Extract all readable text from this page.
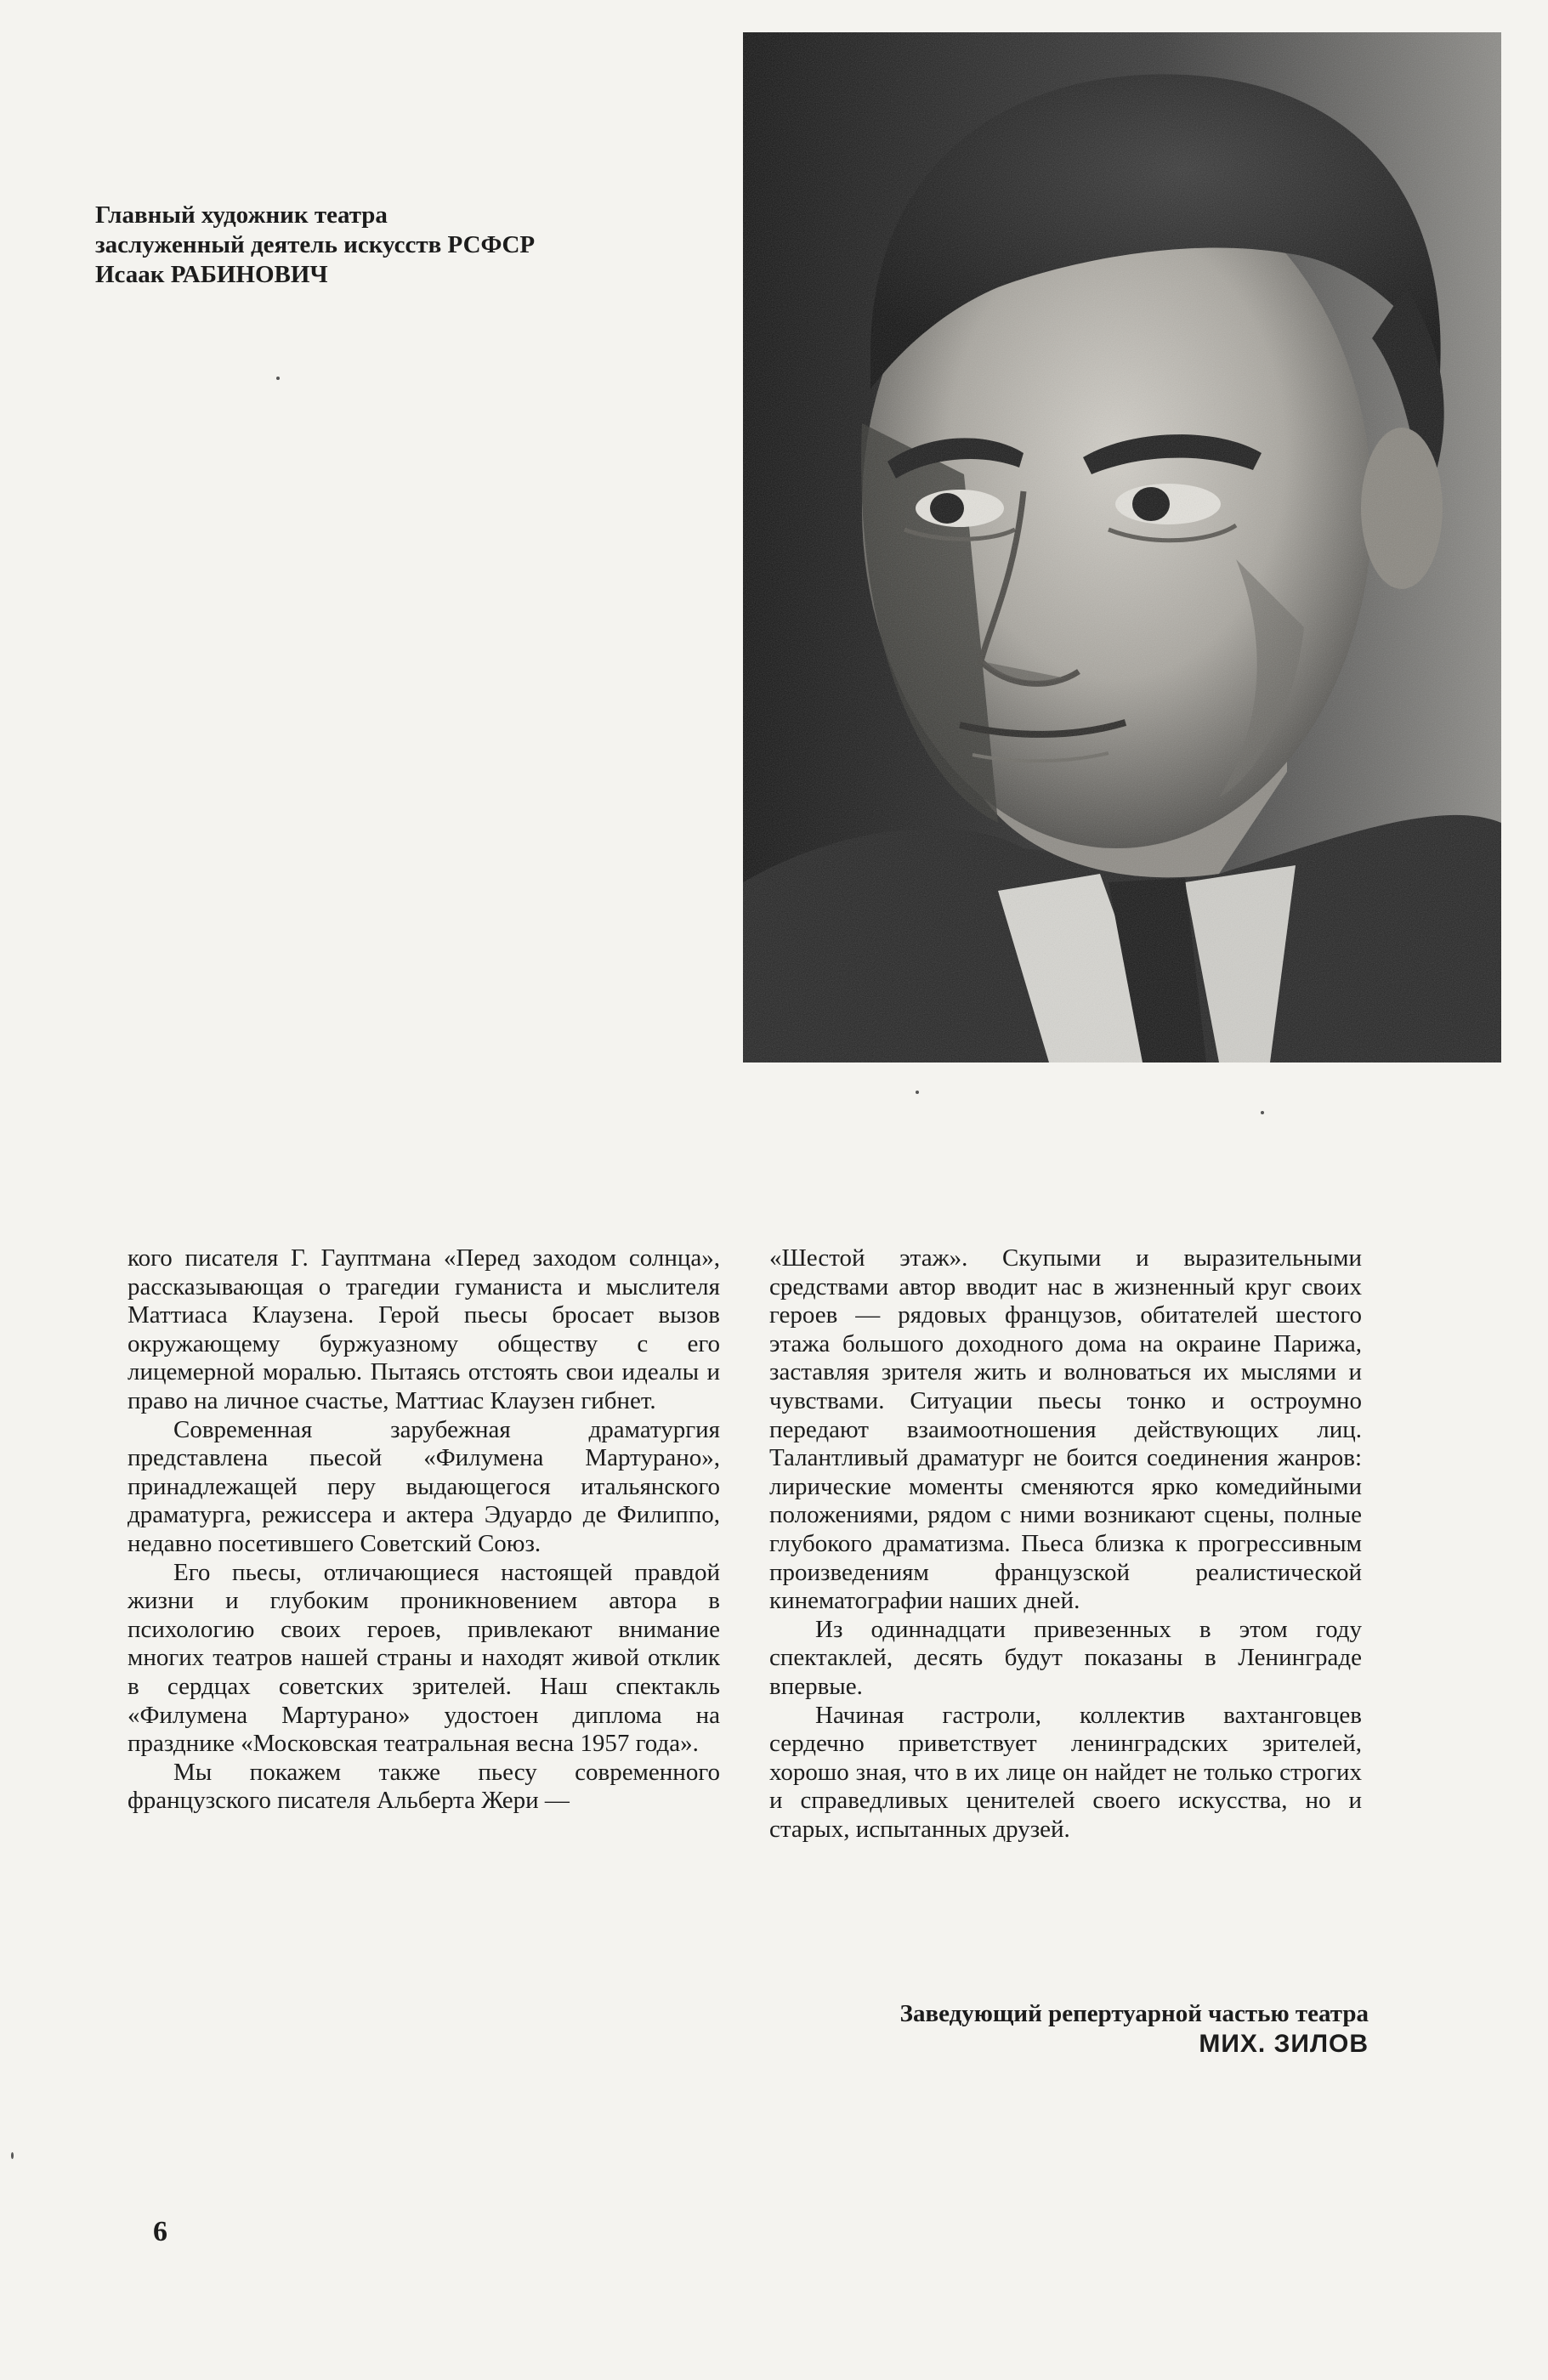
Главный художник театра
заслуженный деятель искусств РСФСР
Исаак РАБИНОВИЧ

кого писателя Г. Гауптмана «Перед заходом солнца», рассказывающая о трагедии гуманиста и мыслителя Маттиаса Клаузена. Герой пьесы бросает вызов окружающему буржуазному обществу с его лицемерной моралью. Пытаясь отстоять свои идеалы и право на личное счастье, Маттиас Клаузен гибнет.

Современная зарубежная драматургия представлена пьесой «Филумена Мартурано», принадлежащей перу выдающегося итальянского драматурга, режиссера и актера Эдуардо де Филиппо, недавно посетившего Советский Союз.

Его пьесы, отличающиеся настоящей правдой жизни и глубоким проникновением автора в психологию своих героев, привлекают внимание многих театров нашей страны и находят живой отклик в сердцах советских зрителей. Наш спектакль «Филумена Мартурано» удостоен диплома на празднике «Московская театральная весна 1957 года».

Мы покажем также пьесу современного французского писателя Альберта Жери —

«Шестой этаж». Скупыми и выразительными средствами автор вводит нас в жизненный круг своих героев — рядовых французов, обитателей шестого этажа большого доходного дома на окраине Парижа, заставляя зрителя жить и волноваться их мыслями и чувствами. Ситуации пьесы тонко и остроумно передают взаимоотношения действующих лиц. Талантливый драматург не боится соединения жанров: лирические моменты сменяются ярко комедийными положениями, рядом с ними возникают сцены, полные глубокого драматизма. Пьеса близка к прогрессивным произведениям французской реалистической кинематографии наших дней.

Из одиннадцати привезенных в этом году спектаклей, десять будут показаны в Ленинграде впервые.

Начиная гастроли, коллектив вахтанговцев сердечно приветствует ленинградских зрителей, хорошо зная, что в их лице он найдет не только строгих и справедливых ценителей своего искусства, но и старых, испытанных друзей.

Заведующий репертуарной частью театра
МИХ. ЗИЛОВ
6
